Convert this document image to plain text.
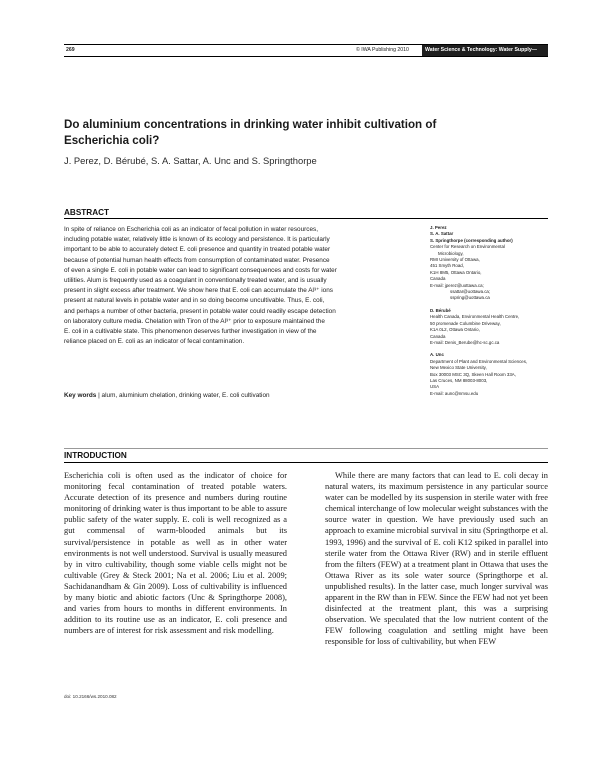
269	© IWA Publishing 2010	Water Science & Technology: Water Supply—WSTWS | 10.3 | 2010
Do aluminium concentrations in drinking water inhibit cultivation of Escherichia coli?
J. Perez, D. Bérubé, S. A. Sattar, A. Unc and S. Springthorpe
ABSTRACT

In spite of reliance on Escherichia coli as an indicator of fecal pollution in water resources,

including potable water, relatively little is known of its ecology and persistence. It is particularly

important to be able to accurately detect E. coli presence and quantity in treated potable water

because of potential human health effects from consumption of contaminated water. Presence

of even a single E. coli in potable water can lead to significant consequences and costs for water

utilities. Alum is frequently used as a coagulant in conventionally treated water, and is usually

present in slight excess after treatment. We show here that E. coli can accumulate the Al³⁺ ions

present at natural levels in potable water and in so doing become uncultivable. Thus, E. coli,

and perhaps a number of other bacteria, present in potable water could readily escape detection

on laboratory culture media. Chelation with Tiron of the Al³⁺ prior to exposure maintained the

E. coli in a cultivable state. This phenomenon deserves further investigation in view of the

reliance placed on E. coli as an indicator of fecal contamination.

Key words | alum, aluminium chelation, drinking water, E. coli cultivation
J. Perez
S. A. Sattar
S. Springthorpe (corresponding author)
Center for Research on Environmental
Microbiology,
RMI University of Ottawa,
451 Smyth Road,
K1H 8M5, Ottawa Ontario,
Canada
E-mail: jperez@uottawa.ca;
ssattar@uottawa.ca;
sspring@uottawa.ca
D. Bérubé
Health Canada, Environmental Health Centre,
50 promenade Columbine Driveway,
K1A 0L2, Ottawa Ontario,
Canada
E-mail: Denis_Berube@hc-sc.gc.ca
A. Unc
Department of Plant and Environmental Sciences,
New Mexico State University,
Box 30003 MSC 3Q, Skeen Hall Room 33A,
Las Cruces, NM 88003-8003,
USA
E-mail: aunc@nmsu.edu
INTRODUCTION

Escherichia coli is often used as the indicator of choice for monitoring fecal contamination of treated potable waters. Accurate detection of its presence and numbers during routine monitoring of drinking water is thus important to be able to assure public safety of the water supply. E. coli is well recognized as a gut commensal of warm-blooded animals but its survival/persistence in potable as well as in other water environments is not well understood. Survival is usually measured by in vitro cultivability, though some viable cells might not be cultivable (Grey & Steck 2001; Na et al. 2006; Liu et al. 2009; Sachidanandham & Gin 2009). Loss of cultivability is influenced by many biotic and abiotic factors (Unc & Springthorpe 2008), and varies from hours to months in different environments. In addition to its routine use as an indicator, E. coli presence and numbers are of interest for risk assessment and risk modelling.

While there are many factors that can lead to E. coli decay in natural waters, its maximum persistence in any particular source water can be modelled by its suspension in sterile water with free chemical interchange of low molecular weight substances with the source water in question. We have previously used such an approach to examine microbial survival in situ (Springthorpe et al. 1993, 1996) and the survival of E. coli K12 spiked in parallel into sterile water from the Ottawa River (RW) and in sterile effluent from the filters (FEW) at a treatment plant in Ottawa that uses the Ottawa River as its sole water source (Springthorpe et al. unpublished results). In the latter case, much longer survival was apparent in the RW than in FEW. Since the FEW had not yet been disinfected at the treatment plant, this was a surprising observation. We speculated that the low nutrient content of the FEW following coagulation and settling might have been responsible for loss of cultivability, but when FEW

doi: 10.2166/ws.2010.082
